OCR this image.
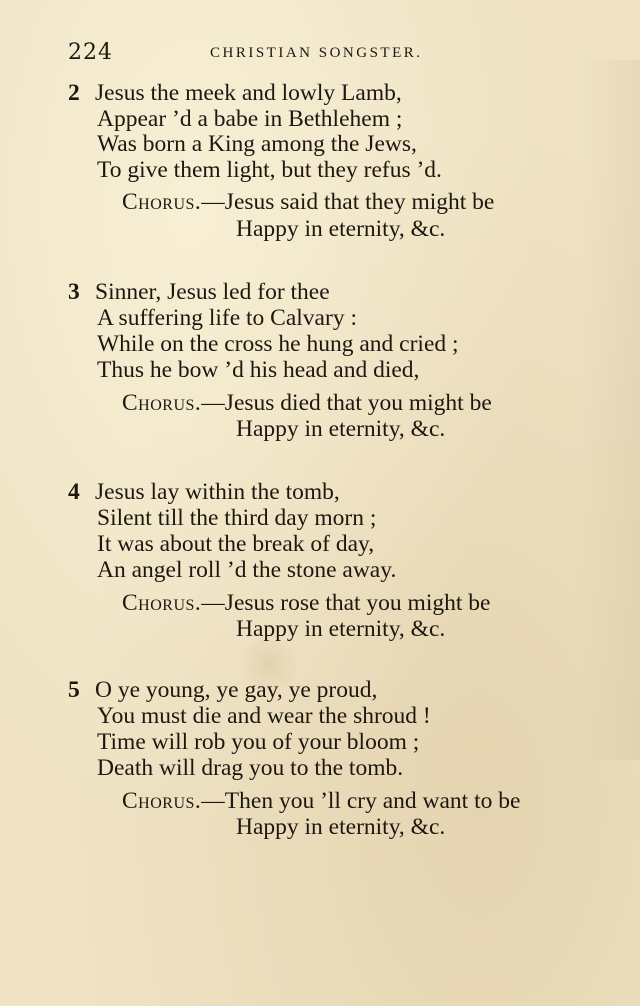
224	CHRISTIAN SONGSTER.
2 Jesus the meek and lowly Lamb,
Appear ’d a babe in Bethlehem ;
Was born a King among the Jews,
To give them light, but they refus ’d.
Chorus.—Jesus said that they might be
Happy in eternity, &c.
3 Sinner, Jesus led for thee
A suffering life to Calvary :
While on the cross he hung and cried ;
Thus he bow ’d his head and died,
Chorus.—Jesus died that you might be
Happy in eternity, &c.
4 Jesus lay within the tomb,
Silent till the third day morn ;
It was about the break of day,
An angel roll ’d the stone away.
Chorus.—Jesus rose that you might be
Happy in eternity, &c.
5 O ye young, ye gay, ye proud,
You must die and wear the shroud !
Time will rob you of your bloom ;
Death will drag you to the tomb.
Chorus.—Then you ’ll cry and want to be
Happy in eternity, &c.
